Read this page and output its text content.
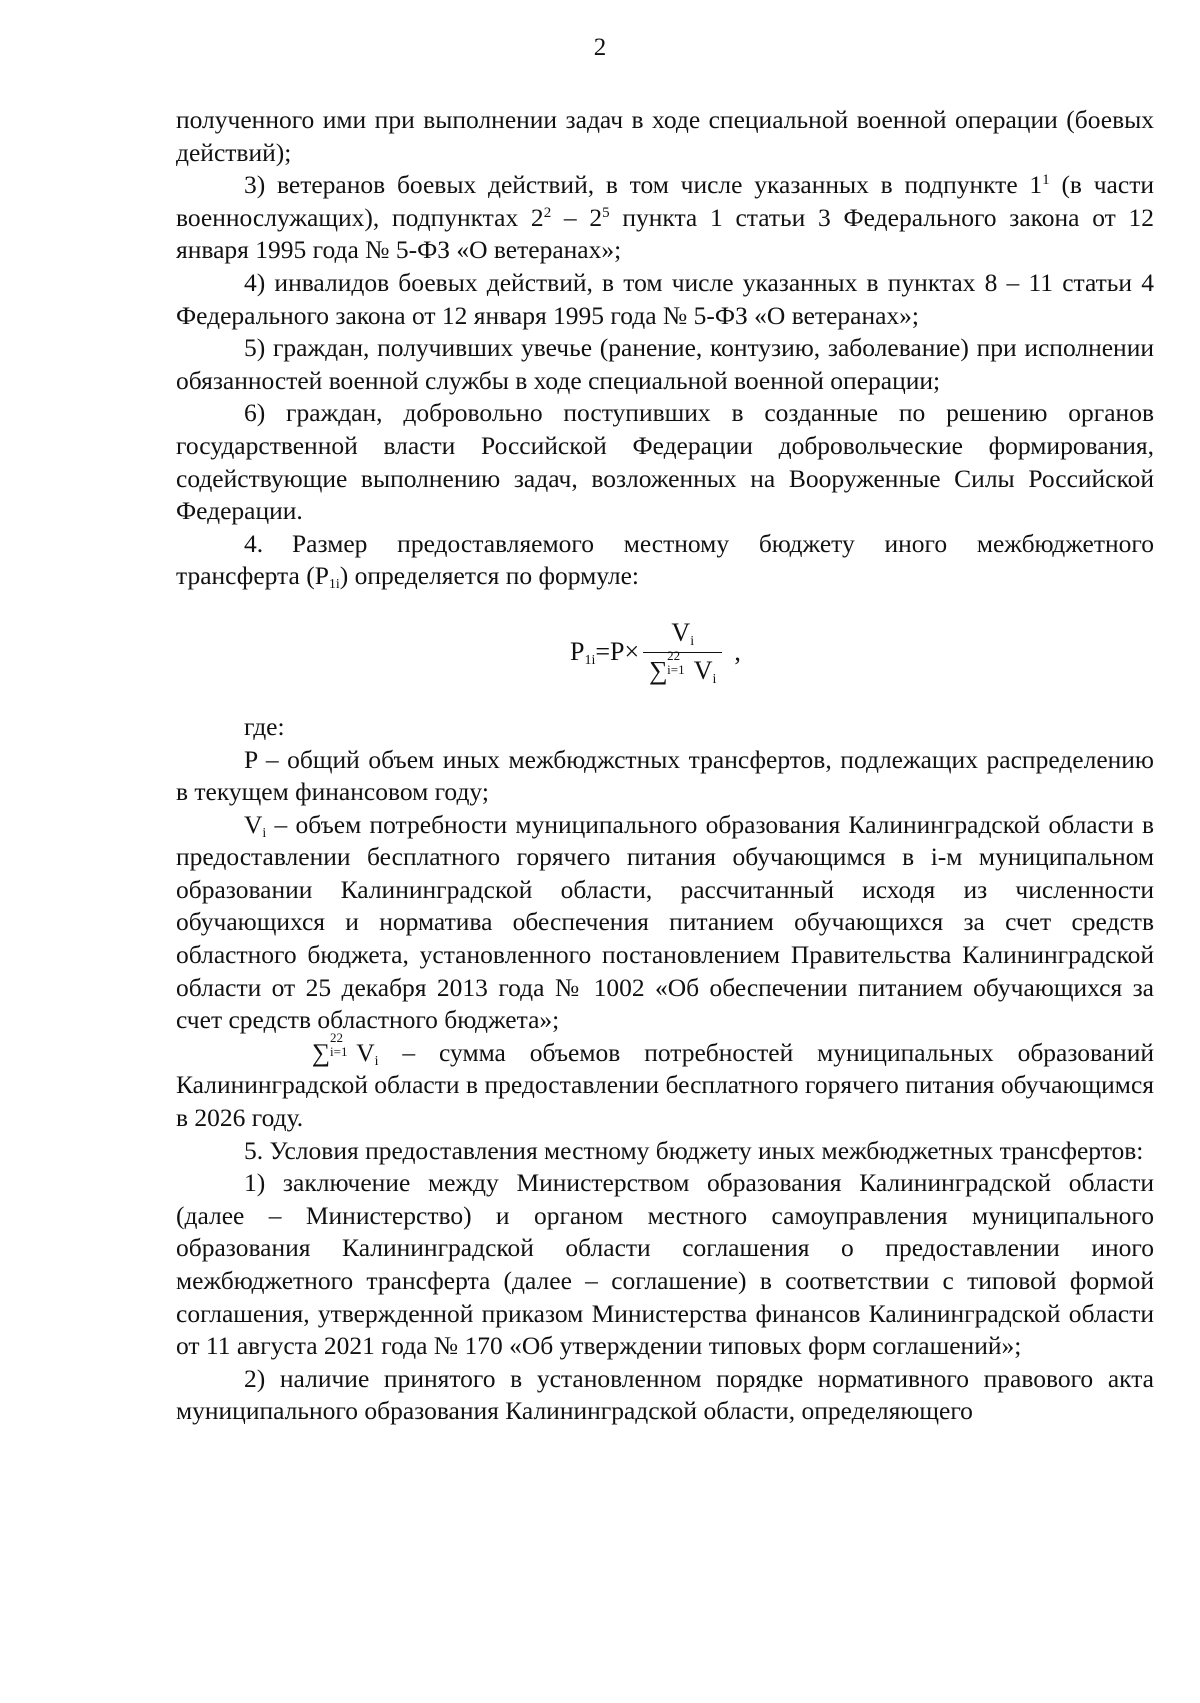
2

полученного ими при выполнении задач в ходе специальной военной операции (боевых действий);

3) ветеранов боевых действий, в том числе указанных в подпункте $1^1$ (в части военнослужащих), подпунктах $2^2 - 2^5$ пункта 1 статьи 3 Федерального закона от 12 января 1995 года № 5-ФЗ «О ветеранах»;

4) инвалидов боевых действий, в том числе указанных в пунктах 8 – 11 статьи 4 Федерального закона от 12 января 1995 года № 5-ФЗ «О ветеранах»;

5) граждан, получивших увечье (ранение, контузию, заболевание) при исполнении обязанностей военной службы в ходе специальной военной операции;

6) граждан, добровольно поступивших в созданные по решению органов государственной власти Российской Федерации добровольческие формирования, содействующие выполнению задач, возложенных на Вооруженные Силы Российской Федерации.

4. Размер предоставляемого местному бюджету иного межбюджетного трансферта $(P_{1i})$ определяется по формуле:

$P_{1i} =P\times V_i$
∑
22
i=1 $V_i$ ,

где:

P – общий объем иных межбюджстных трансфертов, подлежащих распределению в текущем финансовом году;

$V_i$ – объем потребности муниципального образования Калининградской области в предоставлении бесплатного горячего питания обучающимся в i-м муниципальном образовании Калининградской области, рассчитанный исходя из численности обучающихся и норматива обеспечения питанием обучающихся за счет средств областного бюджета, установленного постановлением Правительства Калининградской области от 25 декабря 2013 года № 1002 «Об обеспечении питанием обучающихся за счет средств областного бюджета»;

∑
22
i=1 $V_i$ – сумма объемов потребностей муниципальных образований Калининградской области в предоставлении бесплатного горячего питания обучающимся в 2026 году.

5. Условия предоставления местному бюджету иных межбюджетных трансфертов:

1) заключение между Министерством образования Калининградской области (далее – Министерство) и органом местного самоуправления муниципального образования Калининградской области соглашения о предоставлении иного межбюджетного трансферта (далее – соглашение) в соответствии с типовой формой соглашения, утвержденной приказом Министерства финансов Калининградской области от 11 августа 2021 года № 170 «Об утверждении типовых форм соглашений»;

2) наличие принятого в установленном порядке нормативного правового акта муниципального образования Калининградской области, определяющего
